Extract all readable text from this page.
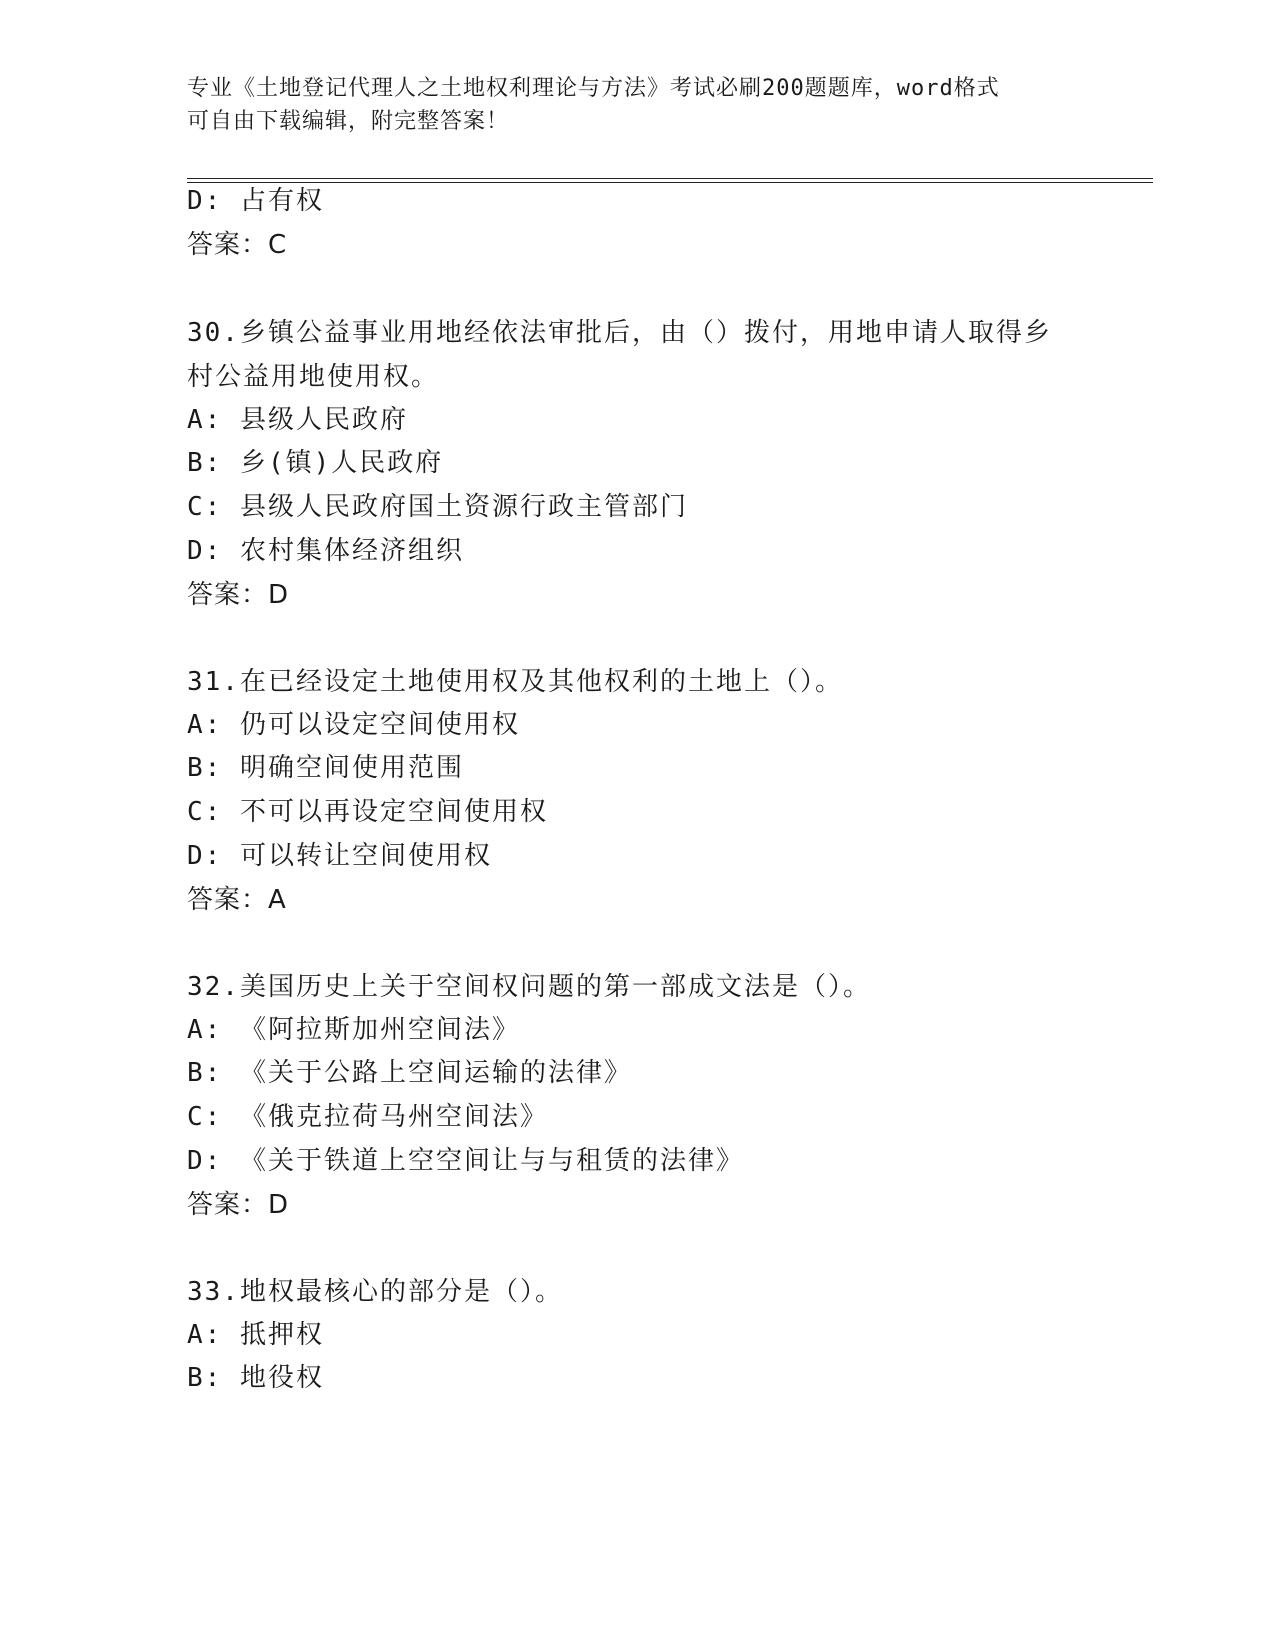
专业《土地登记代理人之土地权利理论与方法》考试必刷200题题库，word格式
可自由下载编辑，附完整答案！
D: 占有权
答案：C
30.乡镇公益事业用地经依法审批后，由（）拨付，用地申请人取得乡
村公益用地使用权。
A: 县级人民政府
B: 乡(镇)人民政府
C: 县级人民政府国土资源行政主管部门
D: 农村集体经济组织
答案：D
31.在已经设定土地使用权及其他权利的土地上（）。
A: 仍可以设定空间使用权
B: 明确空间使用范围
C: 不可以再设定空间使用权
D: 可以转让空间使用权
答案：A
32.美国历史上关于空间权问题的第一部成文法是（）。
A: 《阿拉斯加州空间法》
B: 《关于公路上空间运输的法律》
C: 《俄克拉荷马州空间法》
D: 《关于铁道上空空间让与与租赁的法律》
答案：D
33.地权最核心的部分是（）。
A: 抵押权
B: 地役权
